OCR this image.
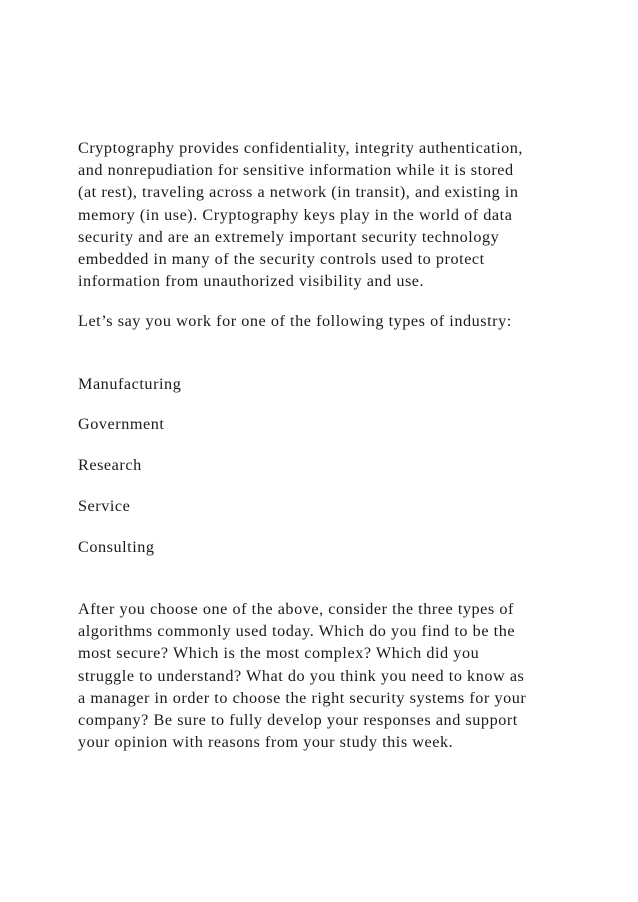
Cryptography provides confidentiality, integrity authentication,
and nonrepudiation for sensitive information while it is stored
(at rest), traveling across a network (in transit), and existing in
memory (in use). Cryptography keys play in the world of data
security and are an extremely important security technology
embedded in many of the security controls used to protect
information from unauthorized visibility and use.

Let’s say you work for one of the following types of industry:

Manufacturing
Government
Research
Service
Consulting

After you choose one of the above, consider the three types of
algorithms commonly used today. Which do you find to be the
most secure? Which is the most complex? Which did you
struggle to understand? What do you think you need to know as
a manager in order to choose the right security systems for your
company? Be sure to fully develop your responses and support
your opinion with reasons from your study this week.
